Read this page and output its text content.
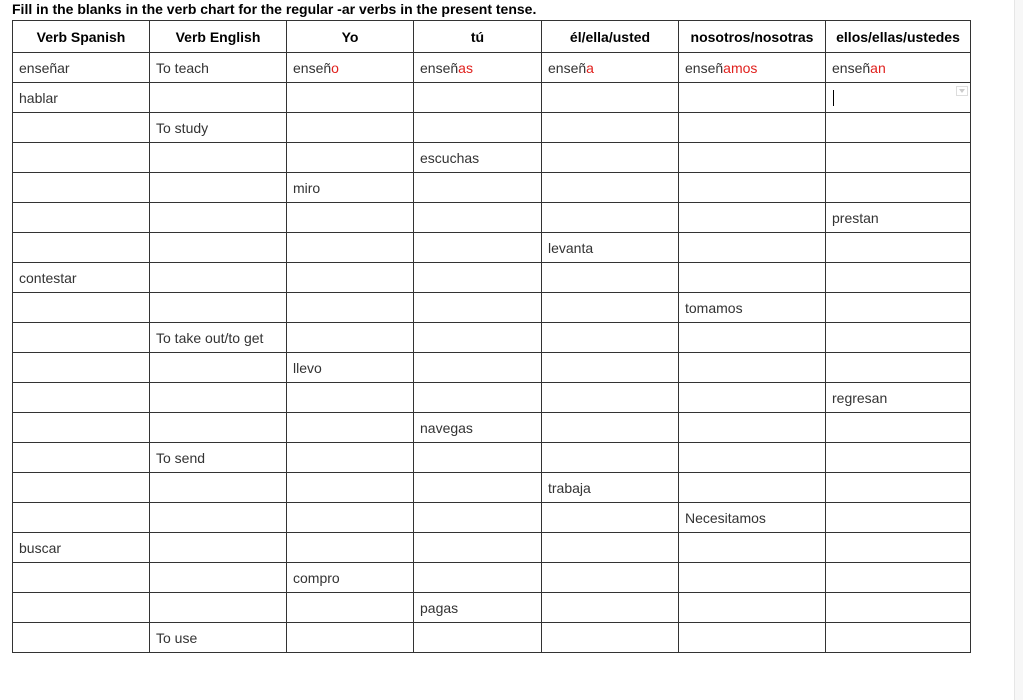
Fill in the blanks in the verb chart for the regular -ar verbs in the present tense.
Verb Spanish	Verb English	Yo	tú	él/ella/usted	nosotros/nosotras	ellos/ellas/ustedes
enseñar	To teach	enseño	enseñas	enseña	enseñamos	enseñan
hablar						

	To study					
			escuchas			
		miro				
						prestan
				levanta		
contestar						
					tomamos	
	To take out/to get					
		llevo				
						regresan
			navegas			
	To send					
				trabaja		
					Necesitamos	
buscar						
		compro				
			pagas			
	To use					
